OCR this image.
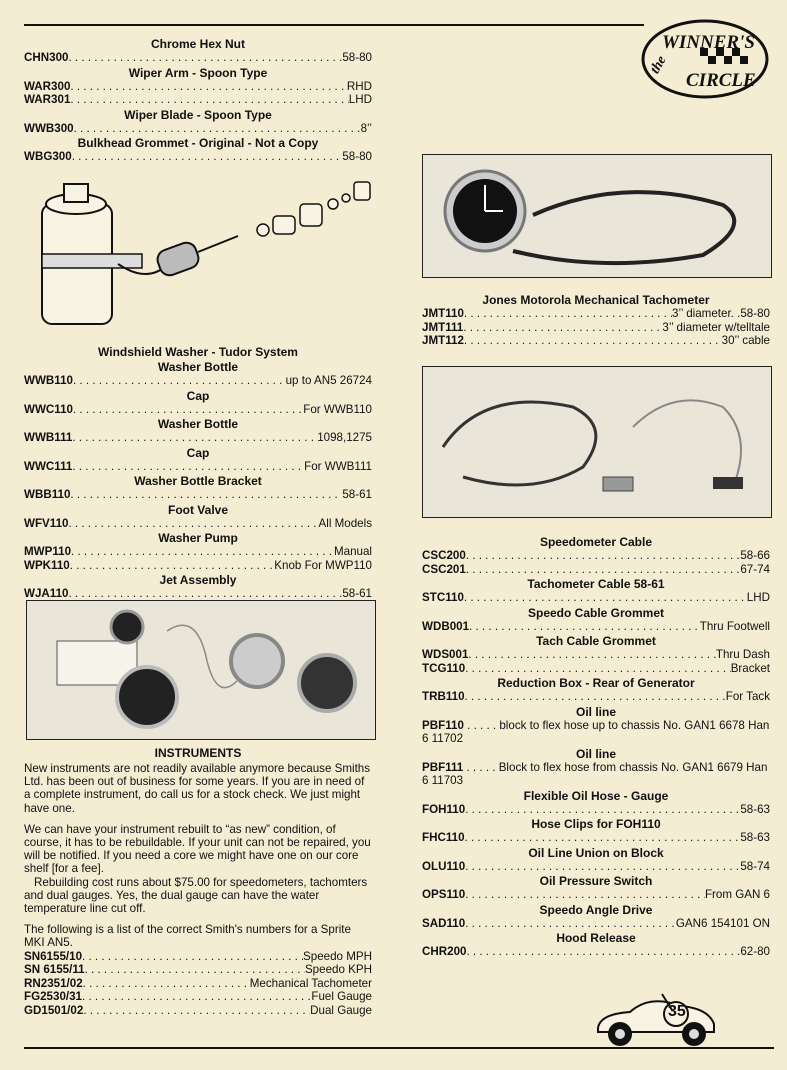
the
WINNER'S
CIRCLE
Chrome Hex Nut
CHN300 . . .	58-80
Wiper Arm - Spoon Type
WAR300 . . .	RHD
WAR301 . . .	LHD
Wiper Blade - Spoon Type
WWB300 . . .	8’’
Bulkhead Grommet - Original - Not a Copy
WBG300 . . .	58-80
Windshield Washer - Tudor System
Washer Bottle
WWB110 . . .	up to AN5 26724
Cap
WWC110 . . .	For WWB110
Washer Bottle
WWB111 . . .	1098,1275
Cap
WWC111 . . .	For WWB111
Washer Bottle Bracket
WBB110 . . .	58-61
Foot Valve
WFV110 . . .	All Models
Washer Pump
MWP110 . . .	Manual
WPK110 . . .	Knob For MWP110
Jet Assembly
WJA110 . . .	58-61

INSTRUMENTS

New instruments are not readily available anymore because Smiths Ltd. has been out of business for some years. If you are in need of a complete instrument, do call us for a stock check. We just might have one.

We can have your instrument rebuilt to “as new” condition, of course, it has to be rebuildable. If your unit can not be repaired, you will be notified. If you need a core we might have one on our core shelf [for a fee].

Rebuilding cost runs about $75.00 for speedometers, tachomters and dual gauges. Yes, the dual gauge can have the water temperature line cut off.

The following is a list of the correct Smith's numbers for a Sprite MKI AN5.

SN6155/10 . . .	Speedo MPH
SN 6155/11 . . .	Speedo KPH
RN2351/02 . . .	Mechanical Tachometer
FG2530/31 . . .	Fuel Gauge
GD1501/02 . . .	Dual Gauge
Jones Motorola Mechanical Tachometer
JMT110 . . .	3’’ diameter. .58-80
JMT111 . . .	3’’ diameter w/telltale
JMT112 . . .	30’’ cable
Speedometer Cable
CSC200 . . .	58-66
CSC201 . . .	67-74
Tachometer Cable 58-61
STC110 . . .	LHD
Speedo Cable Grommet
WDB001 . . .	Thru Footwell
Tach Cable Grommet
WDS001 . . .	Thru Dash
TCG110 . . .	Bracket
Reduction Box - Rear of Generator
TRB110 . . .	For Tack
Oil line
PBF110 . . . . . block to flex hose up to chassis No. GAN1 6678 Han 6 11702
Oil line
PBF111 . . . . . Block to flex hose from chassis No. GAN1 6679 Han 6 11703
Flexible Oil Hose - Gauge
FOH110 . . .	58-63
Hose Clips for FOH110
FHC110 . . .	58-63
Oil Line Union on Block
OLU110 . . .	58-74
Oil Pressure Switch
OPS110 . . .	From GAN 6
Speedo Angle Drive
SAD110 . . .	GAN6 154101 ON
Hood Release
CHR200 . . .	62-80
35
